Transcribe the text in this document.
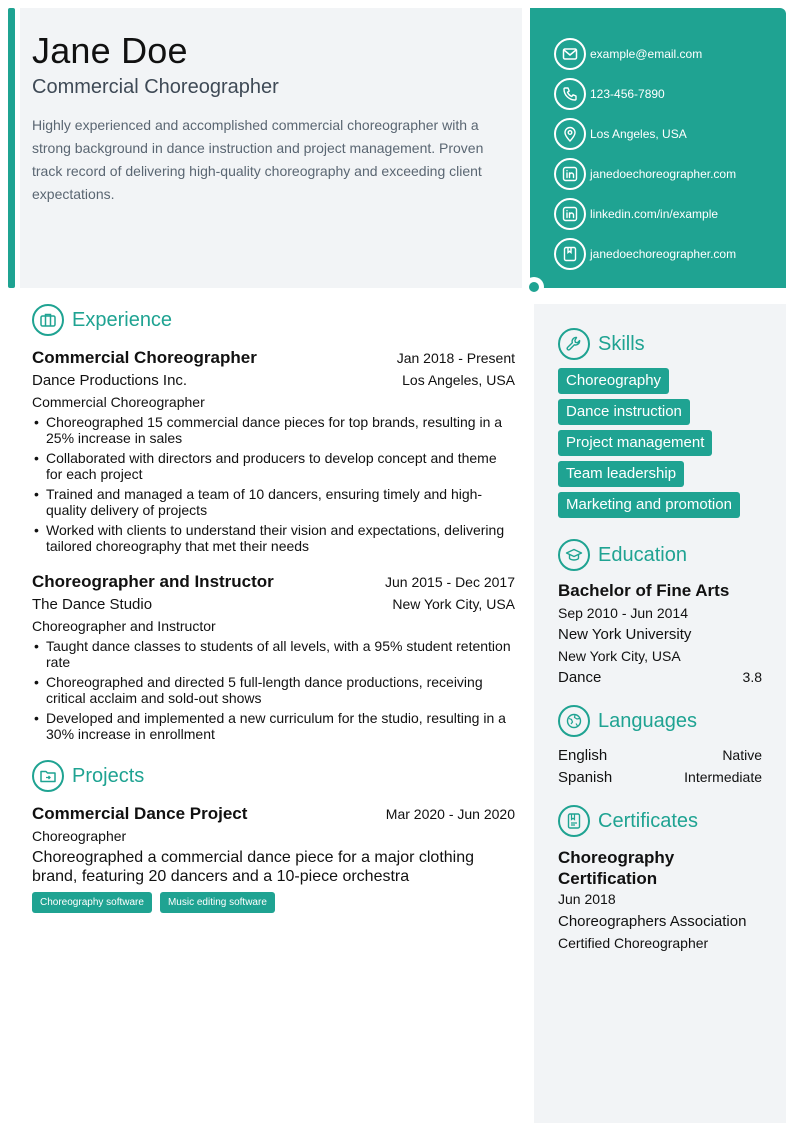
Jane Doe
Commercial Choreographer

Highly experienced and accomplished commercial choreographer with a strong background in dance instruction and project management. Proven track record of delivering high-quality choreography and exceeding client expectations.

example@email.com
123-456-7890
Los Angeles, USA
janedoechoreographer.com
linkedin.com/in/example
janedoechoreographer.com
Experience
Commercial Choreographer	Jan 2018 - Present
Dance Productions Inc.	Los Angeles, USA
Commercial Choreographer
• Choreographed 15 commercial dance pieces for top brands, resulting in a 25% increase in sales
• Collaborated with directors and producers to develop concept and theme for each project
• Trained and managed a team of 10 dancers, ensuring timely and high-quality delivery of projects
• Worked with clients to understand their vision and expectations, delivering tailored choreography that met their needs
Choreographer and Instructor	Jun 2015 - Dec 2017
The Dance Studio	New York City, USA
Choreographer and Instructor
• Taught dance classes to students of all levels, with a 95% student retention rate
• Choreographed and directed 5 full-length dance productions, receiving critical acclaim and sold-out shows
• Developed and implemented a new curriculum for the studio, resulting in a 30% increase in enrollment
Projects
Commercial Dance Project	Mar 2020 - Jun 2020
Choreographer

Choreographed a commercial dance piece for a major clothing brand, featuring 20 dancers and a 10-piece orchestra

Choreography software	Music editing software
Skills
Choreography
Dance instruction
Project management
Team leadership
Marketing and promotion
Education
Bachelor of Fine Arts
Sep 2010 - Jun 2014
New York University
New York City, USA
Dance	3.8
Languages
English	Native
Spanish	Intermediate
Certificates
Choreography Certification
Jun 2018
Choreographers Association
Certified Choreographer
